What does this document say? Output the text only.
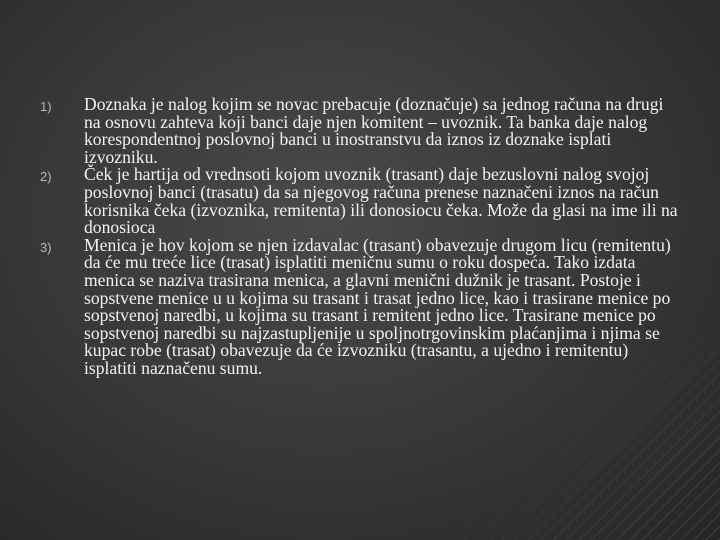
1)	Doznaka je nalog kojim se novac prebacuje (doznačuje) sa jednog računa na drugi na osnovu zahteva koji banci daje njen komitent – uvoznik. Ta banka daje nalog korespondentnoj poslovnoj banci u inostranstvu da iznos iz doznake isplati izvozniku.
2)	Ček je hartija od vrednsoti kojom uvoznik (trasant) daje bezuslovni nalog svojoj poslovnoj banci (trasatu) da sa njegovog računa prenese naznačeni iznos na račun korisnika čeka (izvoznika, remitenta) ili donosiocu čeka. Može da glasi na ime ili na donosioca
3)	Menica je hov kojom se njen izdavalac (trasant) obavezuje drugom licu (remitentu) da će mu treće lice (trasat) isplatiti meničnu sumu o roku dospeća. Tako izdata menica se naziva trasirana menica, a glavni menični dužnik je trasant. Postoje i sopstvene menice u u kojima su trasant i trasat jedno lice, kao i trasirane menice po sopstvenoj naredbi, u kojima su trasant i remitent jedno lice. Trasirane menice po sopstvenoj naredbi su najzastupljenije u spoljnotrgovinskim plaćanjima i njima se kupac robe (trasat) obavezuje da će izvozniku (trasantu, a ujedno i remitentu) isplatiti naznačenu sumu.
